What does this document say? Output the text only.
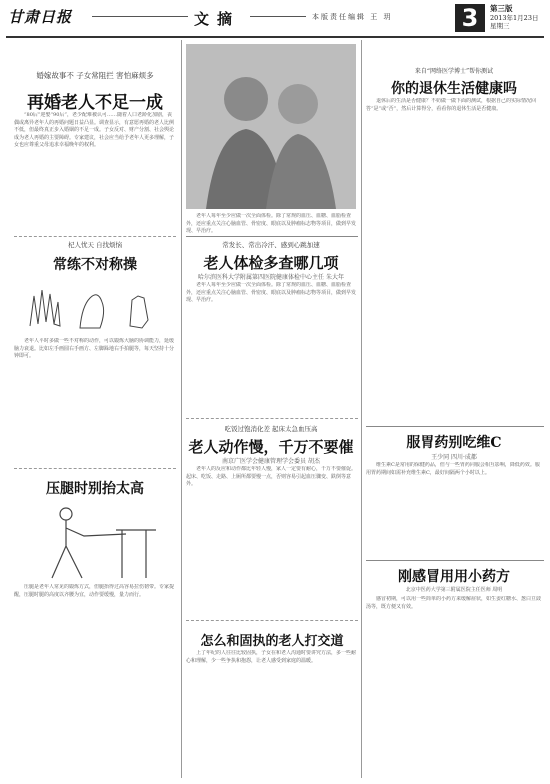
甘肃日报	文摘	本版责任编辑 王 玥	3	第三版
2013年1月23日
星期三
婚嫁故事不 子女常阻拦 害怕麻烦多
再婚老人不足一成

“80后”迎娶“90后”，老少配难被认可……随着人口老龄化加剧，丧偶或离异老年人的再婚问题日益凸显。调查显示，有意愿再婚的老人比例不低，但最终真正步入婚姻的不足一成。子女反对、财产分割、社会舆论成为老人再婚的主要障碍。专家建议，社会应当给予老年人更多理解，子女也应尊重父母追求幸福晚年的权利。

杞人忧天 自找烦恼
常练不对称操

老年人平时多做一些不对称的动作，可以锻炼大脑的协调能力，延缓脑力衰退。比如左手画圆右手画方、左脚跺地右手拍腿等，每天坚持十分钟即可。

压腿时别抬太高

压腿是老年人常见的锻炼方式，但腿抬得过高容易拉伤韧带。专家提醒，压腿时腿的高度以齐腰为宜，动作要缓慢，量力而行。

老年人每年至少应做一次全面体检。除了常规的血压、血糖、血脂检查外，还应重点关注心脑血管、骨密度、眼底以及肿瘤标志物等项目，做到早发现、早治疗。

常发长、常出冷汗、感到心跳加速
老人体检多查哪几项
哈尔滨医科大学附属第四医院健康体检中心主任 朱大年

老年人每年至少应做一次全面体检。除了常规的血压、血糖、血脂检查外，还应重点关注心脑血管、骨密度、眼底以及肿瘤标志物等项目，做到早发现、早治疗。

吃饭过饱消化差 起床太急血压高
老人动作慢，千万不要催
南京广医学会健康管理学会委员 胡杰

老年人的反应和动作都比年轻人慢，家人一定要有耐心，千万不要催促。起床、吃饭、走路、上厕所都要慢一点，否则容易引起血压骤变、跌倒等意外。

怎么和固执的老人打交道

上了年纪的人往往比较固执，子女在和老人沟通时要讲究方法，多一些耐心和理解，少一些争执和抱怨，让老人感受到家庭的温暖。

来自“网络医学博士”帮你测试
你的退休生活健康吗

退休后的生活是否健康？不妨做一做下面的测试，根据自己的实际情况回答“是”或“否”，然后计算得分，看看你的退休生活是否健康。

服胃药别吃维C
王少同 四川·成都

维生素C是常用的保健药品，但与一些胃药同服会相互影响，降低药效。服用胃药期间如需补充维生素C，最好间隔两个小时以上。

刚感冒用用小药方
北京中医药大学第三附属医院主任医师 周明

感冒初期，可以用一些简单的小药方来缓解症状，如生姜红糖水、葱白豆豉汤等，既方便又有效。
